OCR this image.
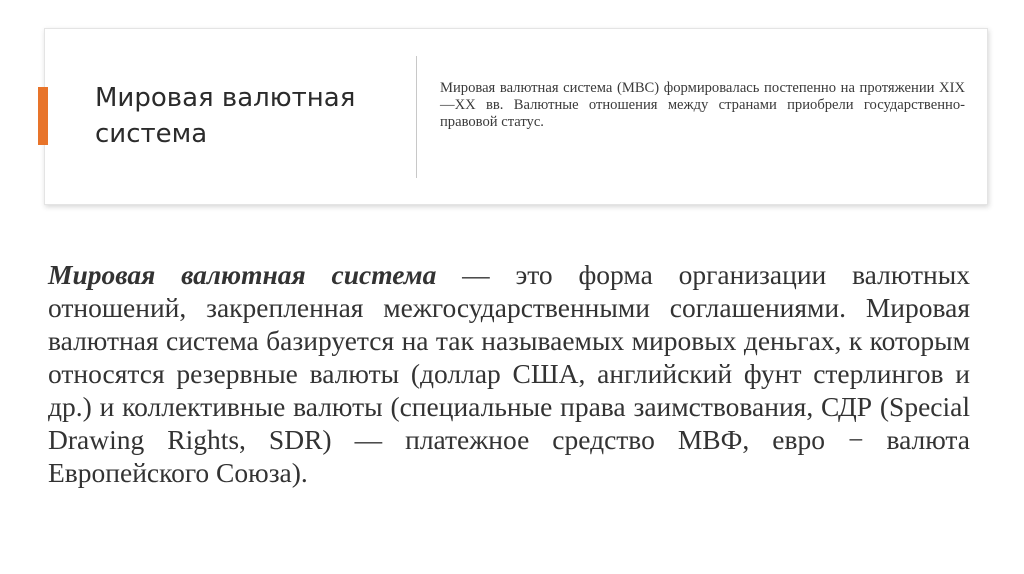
Мировая валютная система

Мировая валютная система (МВС) формировалась постепенно на протяжении XIX—XX вв. Валютные отношения между странами приобрели государственно-правовой статус.

Мировая валютная система — это форма организации валютных отношений, закрепленная межгосударственными соглашениями. Мировая валютная система базируется на так называемых мировых деньгах, к которым относятся резервные валюты (доллар США, английский фунт стерлингов и др.) и коллективные валюты (специальные права заимствования, СДР (Special Drawing Rights, SDR) — платежное средство МВФ, евро − валюта Европейского Союза).
